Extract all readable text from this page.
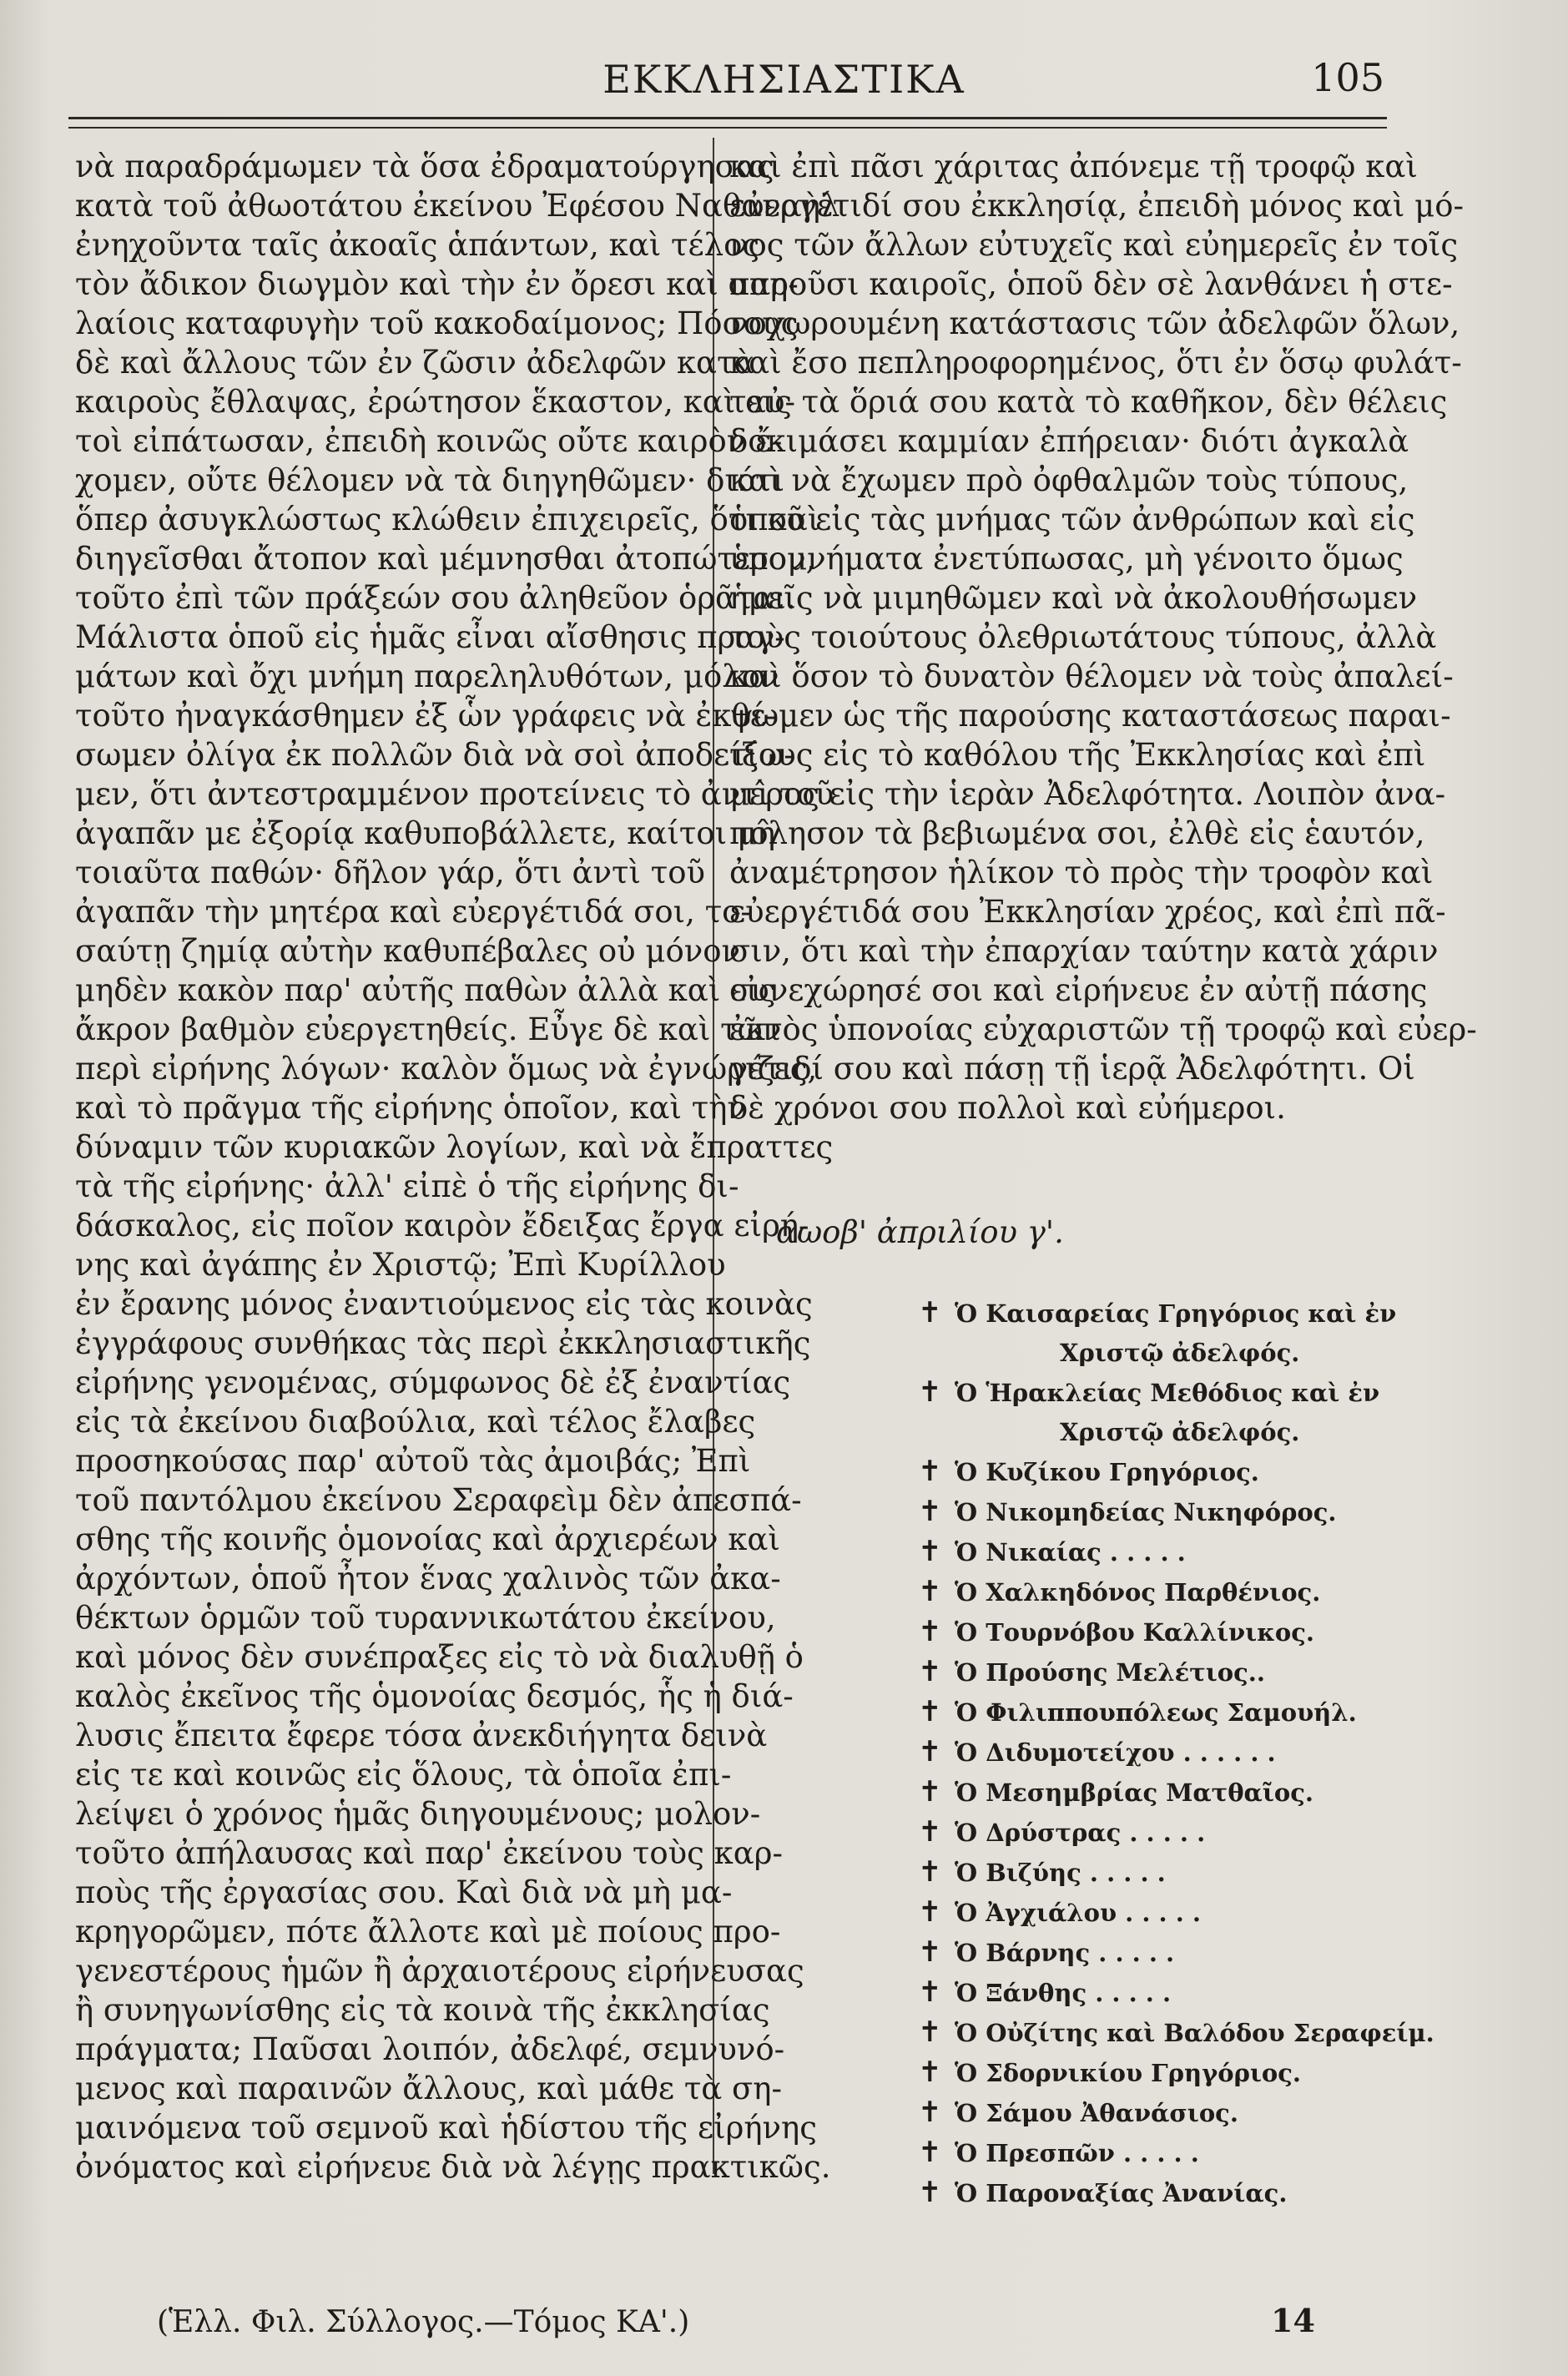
ΕΚΚΛΗΣΙΑΣΤΙΚΑ	105
νὰ παραδράμωμεν τὰ ὅσα ἐδραματούργησας
κατὰ τοῦ ἀθωοτάτου ἐκείνου Ἐφέσου Ναθαναὴλ
ἐνηχοῦντα ταῖς ἀκοαῖς ἁπάντων, καὶ τέλος
τὸν ἄδικον διωγμὸν καὶ τὴν ἐν ὄρεσι καὶ σπη-
λαίοις καταφυγὴν τοῦ κακοδαίμονος; Πόσους
δὲ καὶ ἄλλους τῶν ἐν ζῶσιν ἀδελφῶν κατὰ
καιροὺς ἔθλαψας, ἐρώτησον ἕκαστον, καὶ αὐ-
τοὶ εἰπάτωσαν, ἐπειδὴ κοινῶς οὔτε καιρὸν ἔ-
χομεν, οὔτε θέλομεν νὰ τὰ διηγηθῶμεν· διότι
ὅπερ ἀσυγκλώστως κλώθειν ἐπιχειρεῖς, ὅτι καὶ
διηγεῖσθαι ἄτοπον καὶ μέμνησθαι ἀτοπώτερον,
τοῦτο ἐπὶ τῶν πράξεών σου ἀληθεῦον ὁρᾶται.
Μάλιστα ὁποῦ εἰς ἡμᾶς εἶναι αἴσθησις πραγ-
μάτων καὶ ὄχι μνήμη παρεληλυθότων, μόλον
τοῦτο ἠναγκάσθημεν ἐξ ὧν γράφεις νὰ ἐκθέ-
σωμεν ὀλίγα ἐκ πολλῶν διὰ νὰ σοὶ ἀποδείξω-
μεν, ὅτι ἀντεστραμμένον προτείνεις τὸ ἀντὶ τοῦ
ἀγαπᾶν με ἐξορίᾳ καθυποβάλλετε, καίτοι μὴ
τοιαῦτα παθών· δῆλον γάρ, ὅτι ἀντὶ τοῦ
ἀγαπᾶν τὴν μητέρα καὶ εὐεργέτιδά σοι, το-
σαύτῃ ζημίᾳ αὐτὴν καθυπέβαλες οὐ μόνον
μηδὲν κακὸν παρ' αὐτῆς παθὼν ἀλλὰ καὶ εἰς
ἄκρον βαθμὸν εὐεργετηθείς. Εὖγε δὲ καὶ τῶν
περὶ εἰρήνης λόγων· καλὸν ὅμως νὰ ἐγνώριζες,
καὶ τὸ πρᾶγμα τῆς εἰρήνης ὁποῖον, καὶ τὴν
δύναμιν τῶν κυριακῶν λογίων, καὶ νὰ ἔπραττες
τὰ τῆς εἰρήνης· ἀλλ' εἰπὲ ὁ τῆς εἰρήνης δι-
δάσκαλος, εἰς ποῖον καιρὸν ἔδειξας ἔργα εἰρή-
νης καὶ ἀγάπης ἐν Χριστῷ; Ἐπὶ Κυρίλλου
ἐν ἔρανης μόνος ἐναντιούμενος εἰς τὰς κοινὰς
ἐγγράφους συνθήκας τὰς περὶ ἐκκλησιαστικῆς
εἰρήνης γενομένας, σύμφωνος δὲ ἐξ ἐναντίας
εἰς τὰ ἐκείνου διαβούλια, καὶ τέλος ἔλαβες
προσηκούσας παρ' αὐτοῦ τὰς ἀμοιβάς; Ἐπὶ
τοῦ παντόλμου ἐκείνου Σεραφεὶμ δὲν ἀπεσπά-
σθης τῆς κοινῆς ὁμονοίας καὶ ἀρχιερέων καὶ
ἀρχόντων, ὁποῦ ἦτον ἕνας χαλινὸς τῶν ἀκα-
θέκτων ὁρμῶν τοῦ τυραννικωτάτου ἐκείνου,
καὶ μόνος δὲν συνέπραξες εἰς τὸ νὰ διαλυθῇ ὁ
καλὸς ἐκεῖνος τῆς ὁμονοίας δεσμός, ἧς ἡ διά-
λυσις ἔπειτα ἔφερε τόσα ἀνεκδιήγητα δεινὰ
εἰς τε καὶ κοινῶς εἰς ὅλους, τὰ ὁποῖα ἐπι-
λείψει ὁ χρόνος ἡμᾶς διηγουμένους; μολον-
τοῦτο ἀπήλαυσας καὶ παρ' ἐκείνου τοὺς καρ-
ποὺς τῆς ἐργασίας σου. Καὶ διὰ νὰ μὴ μα-
κρηγορῶμεν, πότε ἄλλοτε καὶ μὲ ποίους προ-
γενεστέρους ἡμῶν ἢ ἀρχαιοτέρους εἰρήνευσας
ἢ συνηγωνίσθης εἰς τὰ κοινὰ τῆς ἐκκλησίας
πράγματα; Παῦσαι λοιπόν, ἀδελφέ, σεμνυνό-
μενος καὶ παραινῶν ἄλλους, καὶ μάθε τὰ ση-
μαινόμενα τοῦ σεμνοῦ καὶ ἡδίστου τῆς εἰρήνης
ὀνόματος καὶ εἰρήνευε διὰ νὰ λέγῃς πρακτικῶς.
καὶ ἐπὶ πᾶσι χάριτας ἀπόνεμε τῇ τροφῷ καὶ
εὐεργέτιδί σου ἐκκλησίᾳ, ἐπειδὴ μόνος καὶ μό-
νος τῶν ἄλλων εὐτυχεῖς καὶ εὐημερεῖς ἐν τοῖς
παροῦσι καιροῖς, ὁποῦ δὲν σὲ λανθάνει ἡ στε-
νοχωρουμένη κατάστασις τῶν ἀδελφῶν ὅλων,
καὶ ἔσο πεπληροφορημένος, ὅτι ἐν ὅσῳ φυλάτ-
τεις τὰ ὅριά σου κατὰ τὸ καθῆκον, δὲν θέλεις
δοκιμάσει καμμίαν ἐπήρειαν· διότι ἀγκαλὰ
καὶ νὰ ἔχωμεν πρὸ ὀφθαλμῶν τοὺς τύπους,
ὁποῦ εἰς τὰς μνήμας τῶν ἀνθρώπων καὶ εἰς
ὑπομνήματα ἐνετύπωσας, μὴ γένοιτο ὅμως
ἡμεῖς νὰ μιμηθῶμεν καὶ νὰ ἀκολουθήσωμεν
τοὺς τοιούτους ὀλεθριωτάτους τύπους, ἀλλὰ
καὶ ὅσον τὸ δυνατὸν θέλομεν νὰ τοὺς ἀπαλεί-
ψωμεν ὡς τῆς παρούσης καταστάσεως παραι-
τίους εἰς τὸ καθόλου τῆς Ἐκκλησίας καὶ ἐπὶ
μέρος εἰς τὴν ἱερὰν Ἀδελφότητα. Λοιπὸν ἀνα-
πόλησον τὰ βεβιωμένα σοι, ἐλθὲ εἰς ἑαυτόν,
ἀναμέτρησον ἡλίκον τὸ πρὸς τὴν τροφὸν καὶ
εὐεργέτιδά σου Ἐκκλησίαν χρέος, καὶ ἐπὶ πᾶ-
σιν, ὅτι καὶ τὴν ἐπαρχίαν ταύτην κατὰ χάριν
συνεχώρησέ σοι καὶ εἰρήνευε ἐν αὐτῇ πάσης
ἐκτὸς ὑπονοίας εὐχαριστῶν τῇ τροφῷ καὶ εὐερ-
γέτιδί σου καὶ πάσῃ τῇ ἱερᾷ Ἀδελφότητι. Οἱ
δὲ χρόνοι σου πολλοὶ καὶ εὐήμεροι.
αωοβ' ἀπριλίου γ'.
✝ Ὁ Καισαρείας Γρηγόριος καὶ ἐν
Χριστῷ ἀδελφός.
✝ Ὁ Ἡρακλείας Μεθόδιος καὶ ἐν
Χριστῷ ἀδελφός.
✝ Ὁ Κυζίκου Γρηγόριος.
✝ Ὁ Νικομηδείας Νικηφόρος.
✝ Ὁ Νικαίας . . . . .
✝ Ὁ Χαλκηδόνος Παρθένιος.
✝ Ὁ Τουρνόβου Καλλίνικος.
✝ Ὁ Προύσης Μελέτιος..
✝ Ὁ Φιλιππουπόλεως Σαμουήλ.
✝ Ὁ Διδυμοτείχου . . . . . .
✝ Ὁ Μεσημβρίας Ματθαῖος.
✝ Ὁ Δρύστρας . . . . .
✝ Ὁ Βιζύης . . . . .
✝ Ὁ Ἀγχιάλου . . . . .
✝ Ὁ Βάρνης . . . . .
✝ Ὁ Ξάνθης . . . . .
✝ Ὁ Οὐζίτης καὶ Βαλόδου Σεραφείμ.
✝ Ὁ Σδορνικίου Γρηγόριος.
✝ Ὁ Σάμου Ἀθανάσιος.
✝ Ὁ Πρεσπῶν . . . . .
✝ Ὁ Παροναξίας Ἀνανίας.
(Ἑλλ. Φιλ. Σύλλογος.—Τόμος ΚΑ'.)	14
